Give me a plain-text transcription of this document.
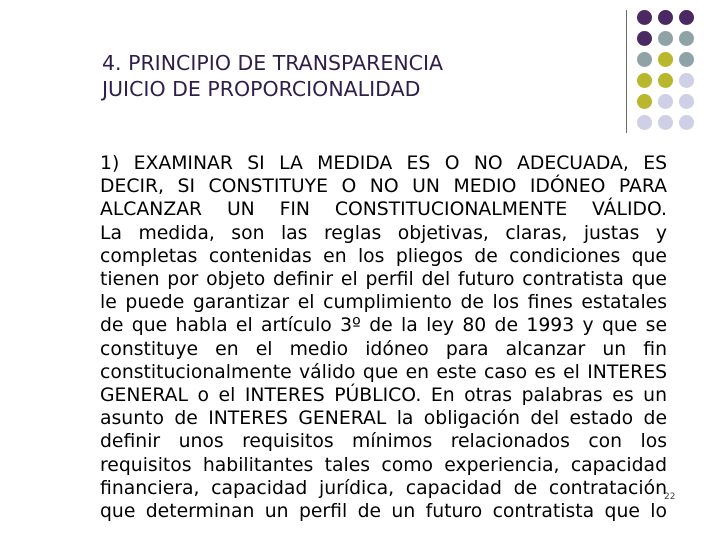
4. PRINCIPIO DE TRANSPARENCIA
JUICIO DE PROPORCIONALIDAD
1) EXAMINAR SI LA MEDIDA ES O NO ADECUADA, ES
DECIR, SI CONSTITUYE O NO UN MEDIO IDÓNEO PARA
ALCANZAR UN FIN CONSTITUCIONALMENTE VÁLIDO.
La medida, son las reglas objetivas, claras, justas y
completas contenidas en los pliegos de condiciones que
tienen por objeto definir el perfil del futuro contratista que
le puede garantizar el cumplimiento de los fines estatales
de que habla el artículo 3º de la ley 80 de 1993 y que se
constituye en el medio idóneo para alcanzar un fin
constitucionalmente válido que en este caso es el INTERES
GENERAL o el INTERES PÚBLICO. En otras palabras es un
asunto de INTERES GENERAL la obligación del estado de
definir unos requisitos mínimos relacionados con los
requisitos habilitantes tales como experiencia, capacidad
financiera, capacidad jurídica, capacidad de contratación
que determinan un perfil de un futuro contratista que lo
22
